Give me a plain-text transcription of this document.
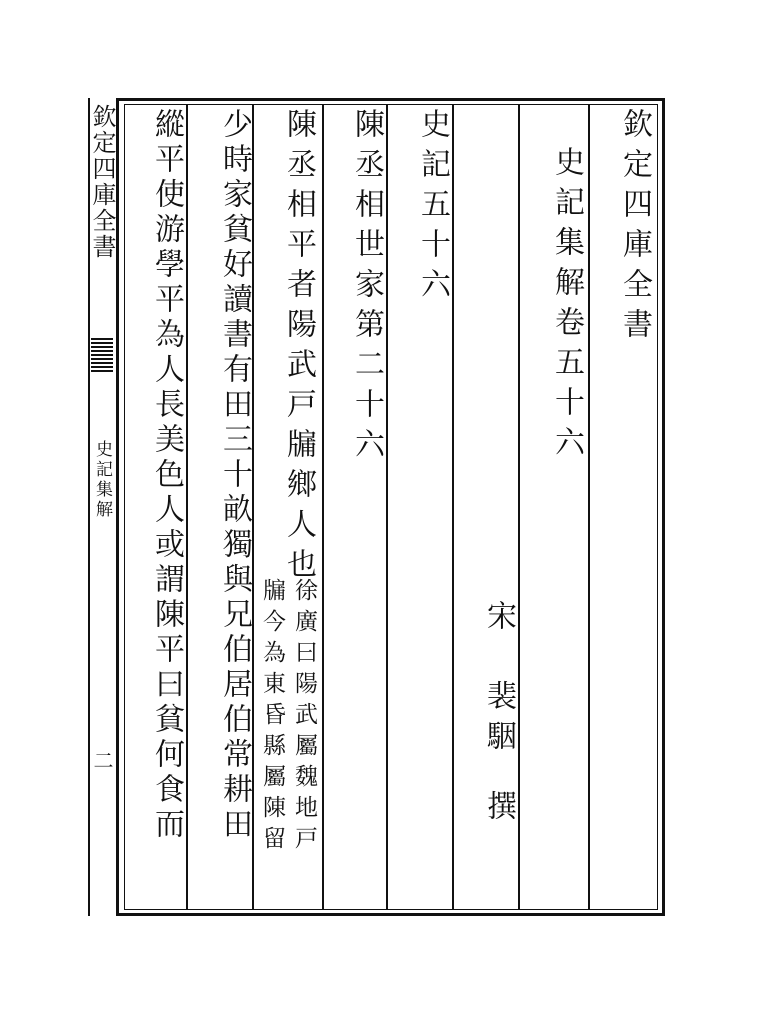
欽定四庫全書
史記集解
二
欽定四庫全書
史記集解卷五十六
宋
裴駰
撰
史記五十六
陳丞相世家第二十六
陳丞相平者陽武戸牖鄉人也
徐廣曰陽武屬魏地戸
牖今為東昏縣屬陳留
少時家貧好讀書有田三十畝獨與兄伯居伯常耕田
縱平使游學平為人長美色人或謂陳平曰貧何食而
